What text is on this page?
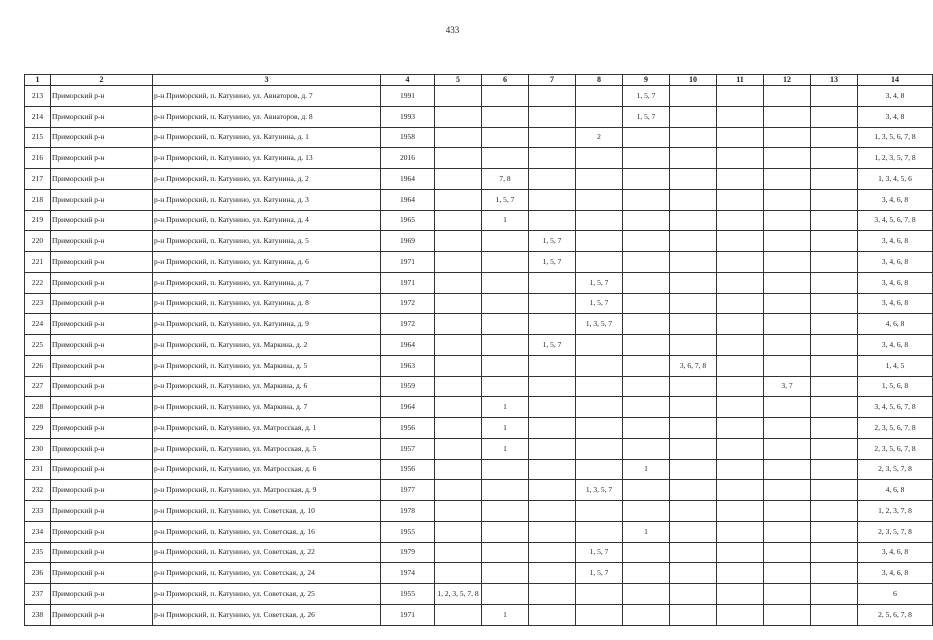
433
1	2	3	4	5	6	7	8	9	10	11	12	13	14
213	Приморский р-н	р-н Приморский, п. Катунино, ул. Авиаторов, д. 7	1991					1, 5, 7					3, 4, 8
214	Приморский р-н	р-н Приморский, п. Катунино, ул. Авиаторов, д. 8	1993					1, 5, 7					3, 4, 8
215	Приморский р-н	р-н Приморский, п. Катунино, ул. Катунина, д. 1	1958				2						1, 3, 5, 6, 7, 8
216	Приморский р-н	р-н Приморский, п. Катунино, ул. Катунина, д. 13	2016										1, 2, 3, 5, 7, 8
217	Приморский р-н	р-н Приморский, п. Катунино, ул. Катунина, д. 2	1964		7, 8								1, 3, 4, 5, 6
218	Приморский р-н	р-н Приморский, п. Катунино, ул. Катунина, д. 3	1964		1, 5, 7								3, 4, 6, 8
219	Приморский р-н	р-н Приморский, п. Катунино, ул. Катунина, д. 4	1965		1								3, 4, 5, 6, 7, 8
220	Приморский р-н	р-н Приморский, п. Катунино, ул. Катунина, д. 5	1969			1, 5, 7							3, 4, 6, 8
221	Приморский р-н	р-н Приморский, п. Катунино, ул. Катунина, д. 6	1971			1, 5, 7							3, 4, 6, 8
222	Приморский р-н	р-н Приморский, п. Катунино, ул. Катунина, д. 7	1971				1, 5, 7						3, 4, 6, 8
223	Приморский р-н	р-н Приморский, п. Катунино, ул. Катунина, д. 8	1972				1, 5, 7						3, 4, 6, 8
224	Приморский р-н	р-н Приморский, п. Катунино, ул. Катунина, д. 9	1972				1, 3, 5, 7						4, 6, 8
225	Приморский р-н	р-н Приморский, п. Катунино, ул. Маркина, д. 2	1964			1, 5, 7							3, 4, 6, 8
226	Приморский р-н	р-н Приморский, п. Катунино, ул. Маркина, д. 5	1963						3, 6, 7, 8				1, 4, 5
227	Приморский р-н	р-н Приморский, п. Катунино, ул. Маркина, д. 6	1959								3, 7		1, 5, 6, 8
228	Приморский р-н	р-н Приморский, п. Катунино, ул. Маркина, д. 7	1964		1								3, 4, 5, 6, 7, 8
229	Приморский р-н	р-н Приморский, п. Катунино, ул. Матросская, д. 1	1956		1								2, 3, 5, 6, 7, 8
230	Приморский р-н	р-н Приморский, п. Катунино, ул. Матросская, д. 5	1957		1								2, 3, 5, 6, 7, 8
231	Приморский р-н	р-н Приморский, п. Катунино, ул. Матросская, д. 6	1956					1					2, 3, 5, 7, 8
232	Приморский р-н	р-н Приморский, п. Катунино, ул. Матросская, д. 9	1977				1, 3, 5, 7						4, 6, 8
233	Приморский р-н	р-н Приморский, п. Катунино, ул. Советская, д. 10	1978										1, 2, 3, 7, 8
234	Приморский р-н	р-н Приморский, п. Катунино, ул. Советская, д. 16	1955					1					2, 3, 5, 7, 8
235	Приморский р-н	р-н Приморский, п. Катунино, ул. Советская, д. 22	1979				1, 5, 7						3, 4, 6, 8
236	Приморский р-н	р-н Приморский, п. Катунино, ул. Советская, д. 24	1974				1, 5, 7						3, 4, 6, 8
237	Приморский р-н	р-н Приморский, п. Катунино, ул. Советская, д. 25	1955	1, 2, 3, 5, 7, 8									6
238	Приморский р-н	р-н Приморский, п. Катунино, ул. Советская, д. 26	1971		1								2, 5, 6, 7, 8
